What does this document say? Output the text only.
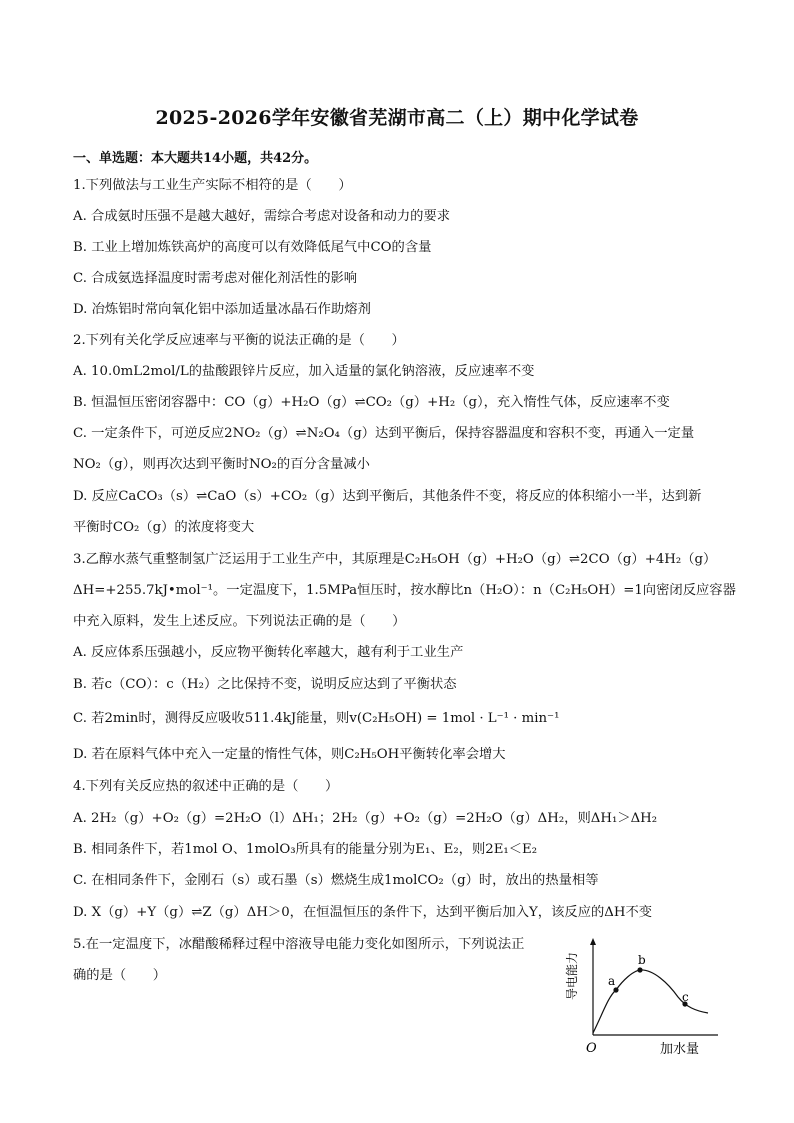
2025-2026学年安徽省芜湖市高二（上）期中化学试卷
一、单选题：本大题共14小题，共42分。
1.下列做法与工业生产实际不相符的是（　　）
A. 合成氨时压强不是越大越好，需综合考虑对设备和动力的要求
B. 工业上增加炼铁高炉的高度可以有效降低尾气中CO的含量
C. 合成氨选择温度时需考虑对催化剂活性的影响
D. 冶炼铝时常向氧化铝中添加适量冰晶石作助熔剂
2.下列有关化学反应速率与平衡的说法正确的是（　　）
A. 10.0mL2mol/L的盐酸跟锌片反应，加入适量的氯化钠溶液，反应速率不变
B. 恒温恒压密闭容器中：CO（g）+H₂O（g）⇌CO₂（g）+H₂（g），充入惰性气体，反应速率不变
C. 一定条件下，可逆反应2NO₂（g）⇌N₂O₄（g）达到平衡后，保持容器温度和容积不变，再通入一定量
NO₂（g），则再次达到平衡时NO₂的百分含量减小
D. 反应CaCO₃（s）⇌CaO（s）+CO₂（g）达到平衡后，其他条件不变，将反应的体积缩小一半，达到新
平衡时CO₂（g）的浓度将变大
3.乙醇水蒸气重整制氢广泛运用于工业生产中，其原理是C₂H₅OH（g）+H₂O（g）⇌2CO（g）+4H₂（g）
ΔH=+255.7kJ•mol⁻¹。一定温度下，1.5MPa恒压时，按水醇比n（H₂O）：n（C₂H₅OH）=1向密闭反应容器
中充入原料，发生上述反应。下列说法正确的是（　　）
A. 反应体系压强越小，反应物平衡转化率越大，越有利于工业生产
B. 若c（CO）：c（H₂）之比保持不变，说明反应达到了平衡状态
C. 若2min时，测得反应吸收511.4kJ能量，则v(C₂H₅OH) = 1mol · L⁻¹ · min⁻¹
D. 若在原料气体中充入一定量的惰性气体，则C₂H₅OH平衡转化率会增大
4.下列有关反应热的叙述中正确的是（　　）
A. 2H₂（g）+O₂（g）=2H₂O（l）ΔH₁；2H₂（g）+O₂（g）=2H₂O（g）ΔH₂，则ΔH₁＞ΔH₂
B. 相同条件下，若1mol O、1molO₃所具有的能量分别为E₁、E₂，则2E₁＜E₂
C. 在相同条件下，金刚石（s）或石墨（s）燃烧生成1molCO₂（g）时，放出的热量相等
D. X（g）+Y（g）⇌Z（g）ΔH＞0，在恒温恒压的条件下，达到平衡后加入Y，该反应的ΔH不变
5.在一定温度下，冰醋酸稀释过程中溶液导电能力变化如图所示，下列说法正
确的是（　　）	a
b
c
导电能力
O	加水量
